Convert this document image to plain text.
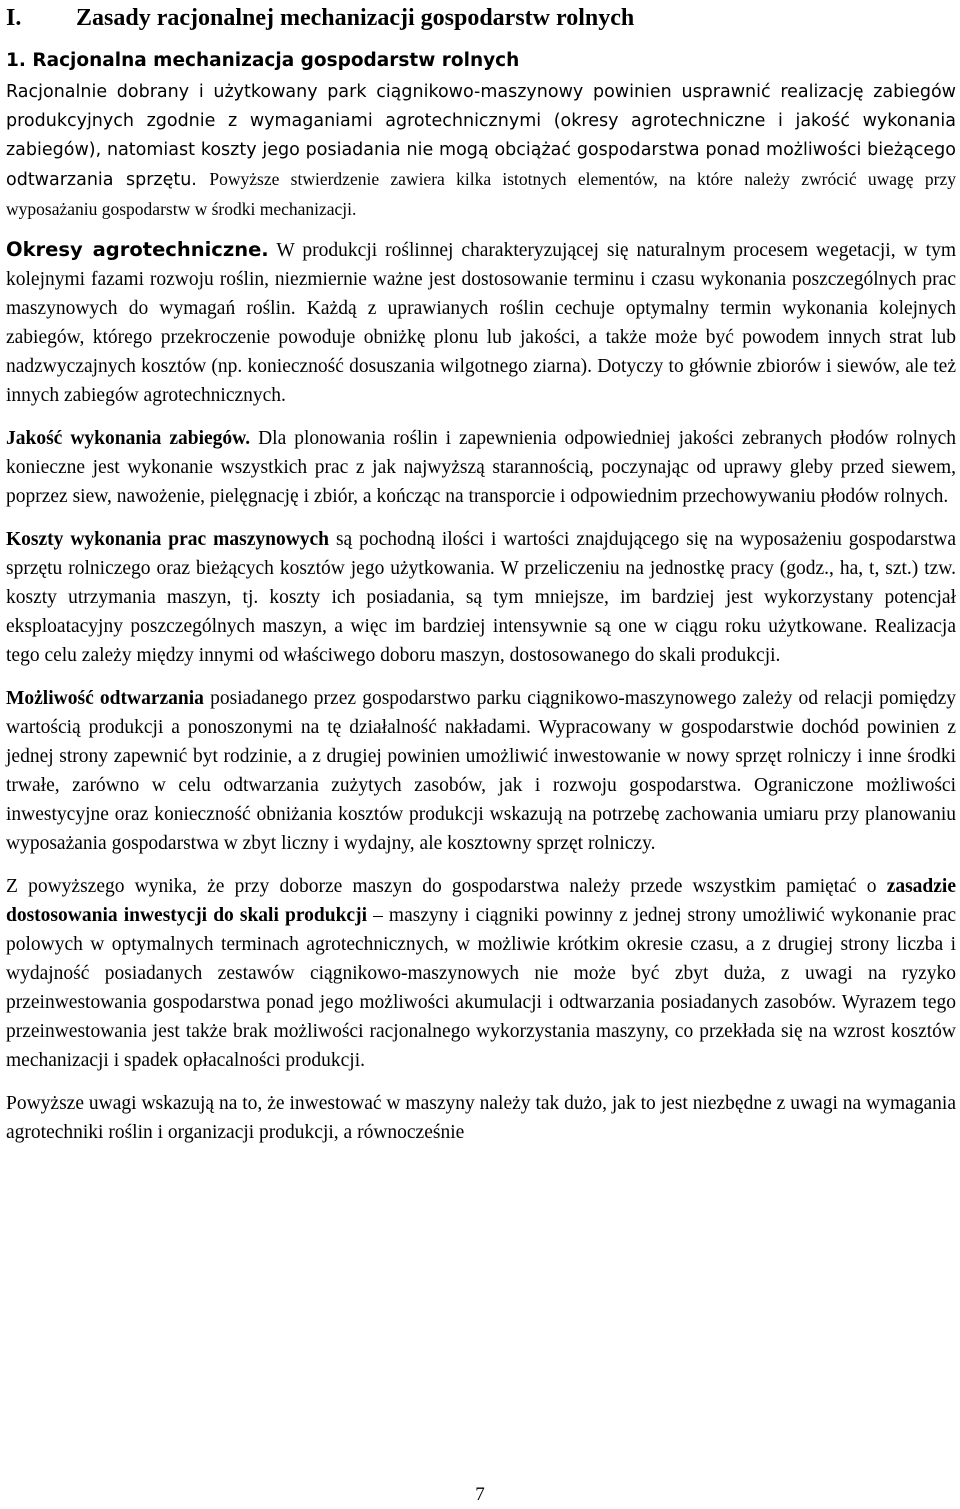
I.	Zasady racjonalnej mechanizacji gospodarstw rolnych
1. Racjonalna mechanizacja gospodarstw rolnych

Racjonalnie dobrany i użytkowany park ciągnikowo-maszynowy powinien usprawnić realizację zabiegów produkcyjnych zgodnie z wymaganiami agrotechnicznymi (okresy agrotechniczne i jakość wykonania zabiegów), natomiast koszty jego posiadania nie mogą obciążać gospodarstwa ponad możliwości bieżącego odtwarzania sprzętu. Powyższe stwierdzenie zawiera kilka istotnych elementów, na które należy zwrócić uwagę przy wyposażaniu gospodarstw w środki mechanizacji.

Okresy agrotechniczne. W produkcji roślinnej charakteryzującej się naturalnym procesem wegetacji, w tym kolejnymi fazami rozwoju roślin, niezmiernie ważne jest dostosowanie terminu i czasu wykonania poszczególnych prac maszynowych do wymagań roślin. Każdą z uprawianych roślin cechuje optymalny termin wykonania kolejnych zabiegów, którego przekroczenie powoduje obniżkę plonu lub jakości, a także może być powodem innych strat lub nadzwyczajnych kosztów (np. konieczność dosuszania wilgotnego ziarna). Dotyczy to głównie zbiorów i siewów, ale też innych zabiegów agrotechnicznych.

Jakość wykonania zabiegów. Dla plonowania roślin i zapewnienia odpowiedniej jakości zebranych płodów rolnych konieczne jest wykonanie wszystkich prac z jak najwyższą starannością, poczynając od uprawy gleby przed siewem, poprzez siew, nawożenie, pielęgnację i zbiór, a kończąc na transporcie i odpowiednim przechowywaniu płodów rolnych.

Koszty wykonania prac maszynowych są pochodną ilości i wartości znajdującego się na wyposażeniu gospodarstwa sprzętu rolniczego oraz bieżących kosztów jego użytkowania. W przeliczeniu na jednostkę pracy (godz., ha, t, szt.) tzw. koszty utrzymania maszyn, tj. koszty ich posiadania, są tym mniejsze, im bardziej jest wykorzystany potencjał eksploatacyjny poszczególnych maszyn, a więc im bardziej intensywnie są one w ciągu roku użytkowane. Realizacja tego celu zależy między innymi od właściwego doboru maszyn, dostosowanego do skali produkcji.

Możliwość odtwarzania posiadanego przez gospodarstwo parku ciągnikowo-maszynowego zależy od relacji pomiędzy wartością produkcji a ponoszonymi na tę działalność nakładami. Wypracowany w gospodarstwie dochód powinien z jednej strony zapewnić byt rodzinie, a z drugiej powinien umożliwić inwestowanie w nowy sprzęt rolniczy i inne środki trwałe, zarówno w celu odtwarzania zużytych zasobów, jak i rozwoju gospodarstwa. Ograniczone możliwości inwestycyjne oraz konieczność obniżania kosztów produkcji wskazują na potrzebę zachowania umiaru przy planowaniu wyposażania gospodarstwa w zbyt liczny i wydajny, ale kosztowny sprzęt rolniczy.

Z powyższego wynika, że przy doborze maszyn do gospodarstwa należy przede wszystkim pamiętać o zasadzie dostosowania inwestycji do skali produkcji – maszyny i ciągniki powinny z jednej strony umożliwić wykonanie prac polowych w optymalnych terminach agrotechnicznych, w możliwie krótkim okresie czasu, a z drugiej strony liczba i wydajność posiadanych zestawów ciągnikowo-maszynowych nie może być zbyt duża, z uwagi na ryzyko przeinwestowania gospodarstwa ponad jego możliwości akumulacji i odtwarzania posiadanych zasobów. Wyrazem tego przeinwestowania jest także brak możliwości racjonalnego wykorzystania maszyny, co przekłada się na wzrost kosztów mechanizacji i spadek opłacalności produkcji.

Powyższe uwagi wskazują na to, że inwestować w maszyny należy tak dużo, jak to jest niezbędne z uwagi na wymagania agrotechniki roślin i organizacji produkcji, a równocześnie

7
